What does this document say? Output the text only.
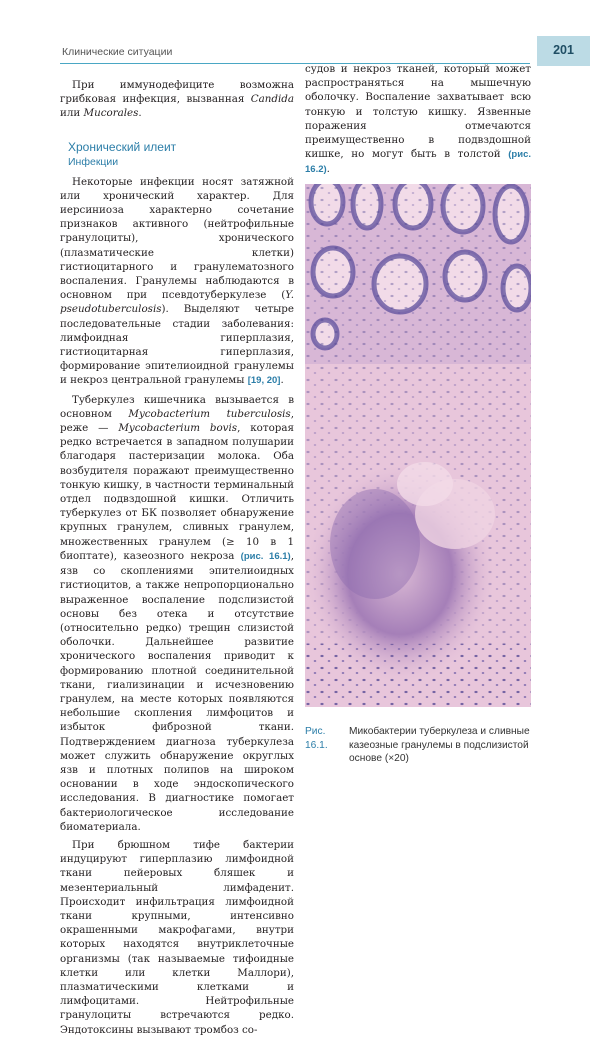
Клинические ситуации	201

При иммунодефиците возможна грибковая инфекция, вызванная Candida или Mucorales.

Хронический илеит
Инфекции

Некоторые инфекции носят затяжной или хронический характер. Для иерсиниоза характерно сочетание признаков активного (нейтрофильные гранулоциты), хронического (плазматические клетки) гистиоцитарного и гранулематозного воспаления. Гранулемы наблюдаются в основном при псевдотуберкулезе (Y. pseudotuberculosis). Выделяют четыре последовательные стадии заболевания: лимфоидная гиперплазия, гистиоцитарная гиперплазия, формирование эпителиоидной гранулемы и некроз центральной гранулемы [19, 20].

Туберкулез кишечника вызывается в основном Mycobacterium tuberculosis, реже — Mycobacterium bovis, которая редко встречается в западном полушарии благодаря пастеризации молока. Оба возбудителя поражают преимущественно тонкую кишку, в частности терминальный отдел подвздошной кишки. Отличить туберкулез от БК позволяет обнаружение крупных гранулем, сливных гранулем, множественных гранулем (≥ 10 в 1 биоптате), казеозного некроза (рис. 16.1), язв со скоплениями эпителиоидных гистиоцитов, а также непропорционально выраженное воспаление подслизистой основы без отека и отсутствие (относительно редко) трещин слизистой оболочки. Дальнейшее развитие хронического воспаления приводит к формированию плотной соединительной ткани, гиализинации и исчезновению гранулем, на месте которых появляются небольшие скопления лимфоцитов и избыток фиброзной ткани. Подтверждением диагноза туберкулеза может служить обнаружение округлых язв и плотных полипов на широком основании в ходе эндоскопического исследования. В диагностике помогает бактериологическое исследование биоматериала.

При брюшном тифе бактерии индуцируют гиперплазию лимфоидной ткани пейеровых бляшек и мезентериальный лимфаденит. Происходит инфильтрация лимфоидной ткани крупными, интенсивно окрашенными макрофагами, внутри которых находятся внутриклеточные организмы (так называемые тифоидные клетки или клетки Маллори), плазматическими клетками и лимфоцитами. Нейтрофильные гранулоциты встречаются редко. Эндотоксины вызывают тромбоз со-

судов и некроз тканей, который может распространяться на мышечную оболочку. Воспаление захватывает всю тонкую и толстую кишку. Язвенные поражения отмечаются преимущественно в подвздошной кишке, но могут быть в толстой (рис. 16.2).

Рис. 16.1.Микобактерии туберкулеза и сливные казеозные гранулемы в подслизистой основе (×20)
